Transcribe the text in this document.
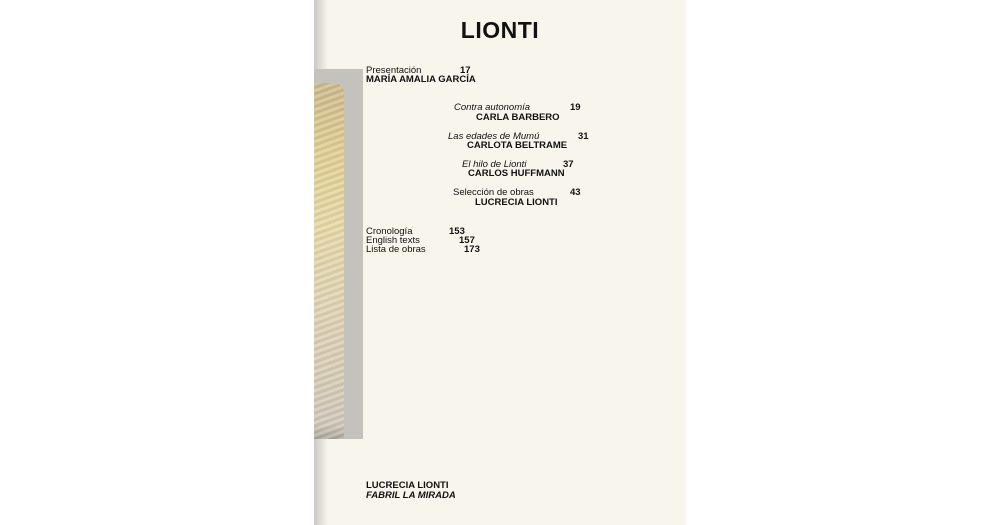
LIONTI
Presentación	17
MARÍA AMALIA GARCÍA
Contra autonomía	19
CARLA BARBERO
Las edades de Mumú	31
CARLOTA BELTRAME
El hilo de Lionti	37
CARLOS HUFFMANN
Selección de obras	43
LUCRECIA LIONTI
Cronología	153
English texts	157
Lista de obras	173
LUCRECIA LIONTI
FABRIL LA MIRADA
